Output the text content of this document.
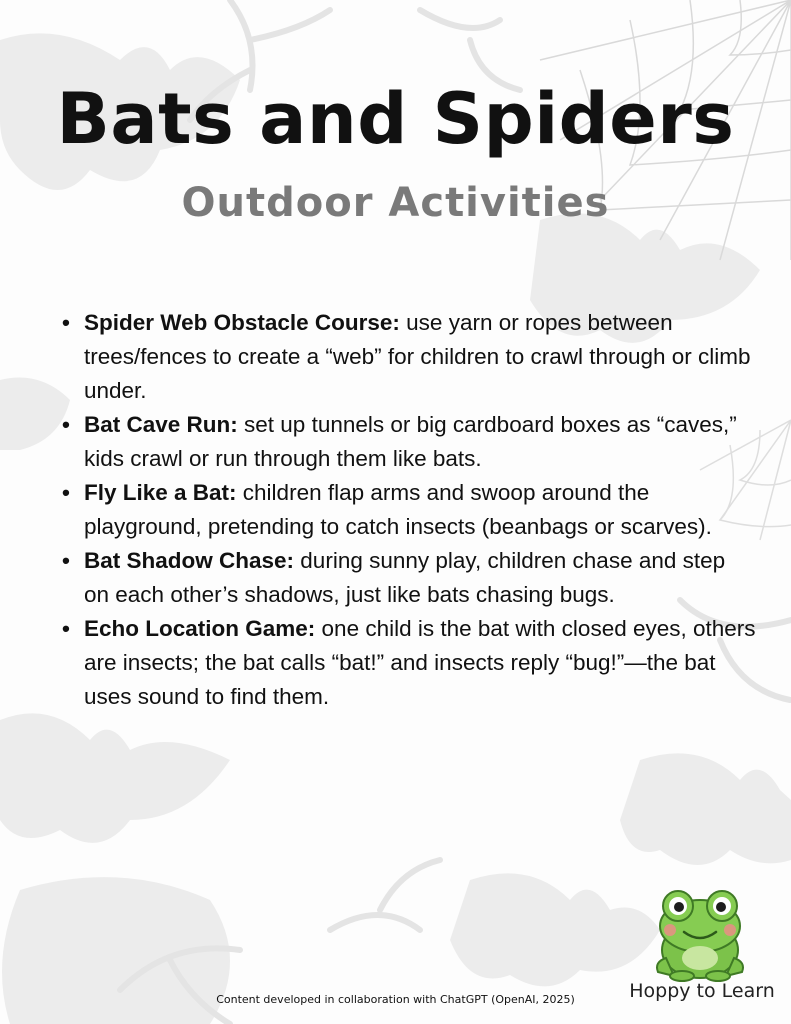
Bats and Spiders
Outdoor Activities
• Spider Web Obstacle Course: use yarn or ropes between trees/fences to create a “web” for children to crawl through or climb under.
• Bat Cave Run: set up tunnels or big cardboard boxes as “caves,” kids crawl or run through them like bats.
• Fly Like a Bat: children flap arms and swoop around the playground, pretending to catch insects (beanbags or scarves).
• Bat Shadow Chase: during sunny play, children chase and step on each other’s shadows, just like bats chasing bugs.
• Echo Location Game: one child is the bat with closed eyes, others are insects; the bat calls “bat!” and insects reply “bug!”—the bat uses sound to find them.

Hoppy to Learn

Content developed in collaboration with ChatGPT (OpenAI, 2025)
